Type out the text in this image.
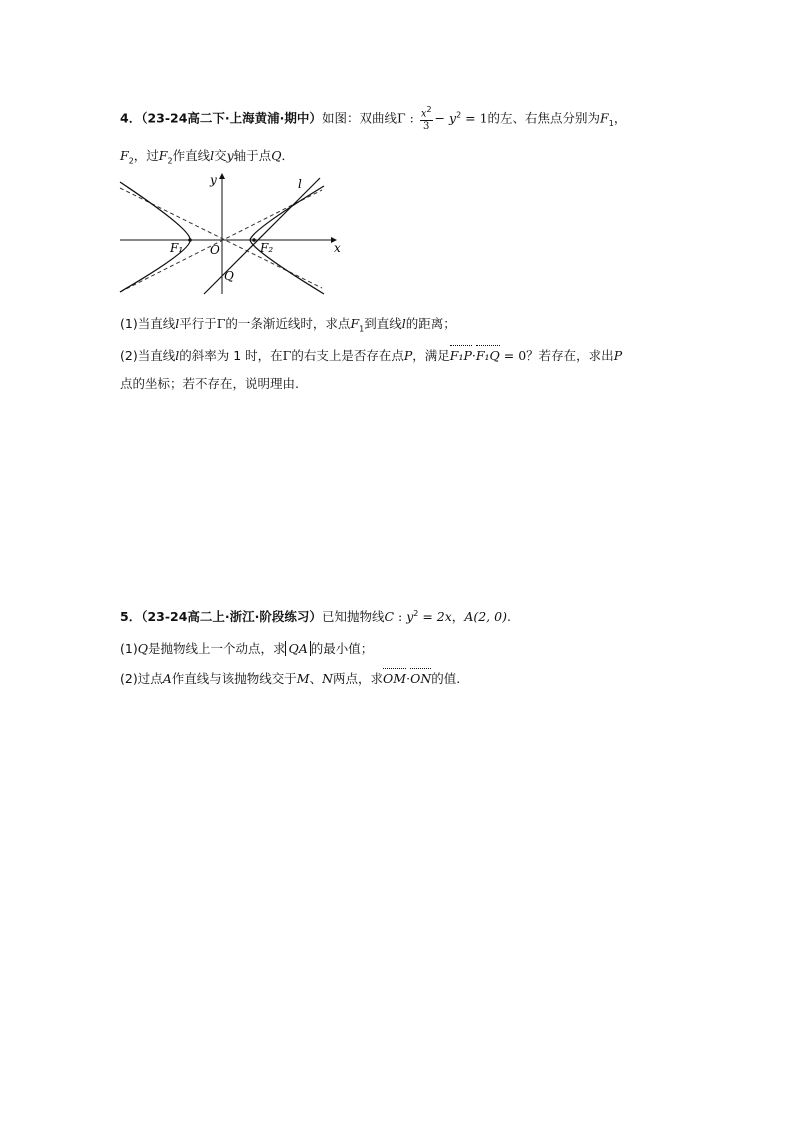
4．（23-24高二下·上海黄浦·期中）如图：双曲线Γ : $\frac{x^2}{3} - y^2 = 1$的左、右焦点分别为$F_1$，
$F_2$，过$F_2$作直线l交y轴于点Q．
y
x
l
O
F₁	F₂
Q
(1)当直线l平行于Γ的一条渐近线时，求点$F_1$到直线l的距离；
(2)当直线l的斜率为 1 时，在Γ的右支上是否存在点P，满足F₁P·F₁Q = 0？若存在，求出P
点的坐标；若不存在，说明理由.
5．（23-24高二上·浙江·阶段练习）已知抛物线C : $y^2 = 2x$，A(2, 0).
(1)Q是抛物线上一个动点，求 QA 的最小值；
(2)过点A作直线与该抛物线交于M、N两点，求OM·ON的值.
